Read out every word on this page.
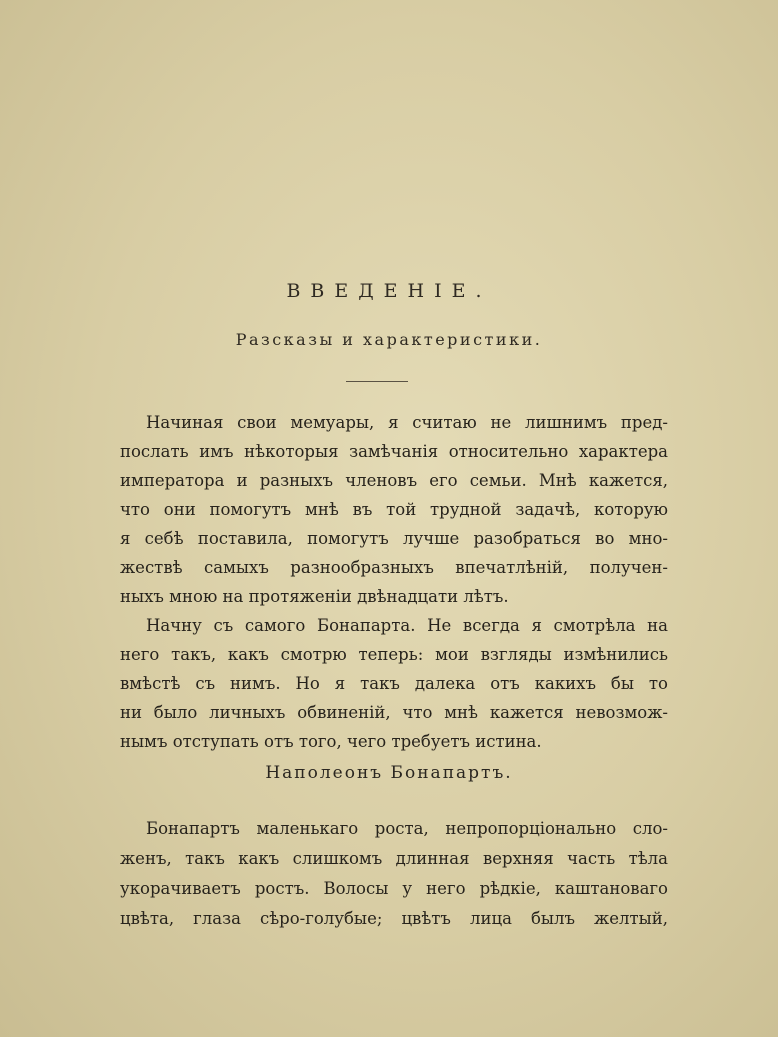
ВВЕДЕНІЕ.
Разсказы и характеристики.
Начиная свои мемуары, я считаю не лишнимъ пред-
послать имъ нѣкоторыя замѣчанія относительно характера
императора и разныхъ членовъ его семьи. Мнѣ кажется,
что они помогутъ мнѣ въ той трудной задачѣ, которую
я себѣ поставила, помогутъ лучше разобраться во мно-
жествѣ самыхъ разнообразныхъ впечатлѣній, получен-
ныхъ мною на протяженіи двѣнадцати лѣтъ.
Начну съ самого Бонапарта. Не всегда я смотрѣла на
него такъ, какъ смотрю теперь: мои взгляды измѣнились
вмѣстѣ съ нимъ. Но я такъ далека отъ какихъ бы то
ни было личныхъ обвиненій, что мнѣ кажется невозмож-
нымъ отступать отъ того, чего требуетъ истина.
Наполеонъ Бонапартъ.
Бонапартъ маленькаго роста, непропорціонально сло-
женъ, такъ какъ слишкомъ длинная верхняя часть тѣла
укорачиваетъ ростъ. Волосы у него рѣдкіе, каштановаго
цвѣта, глаза сѣро-голубые; цвѣтъ лица былъ желтый,
